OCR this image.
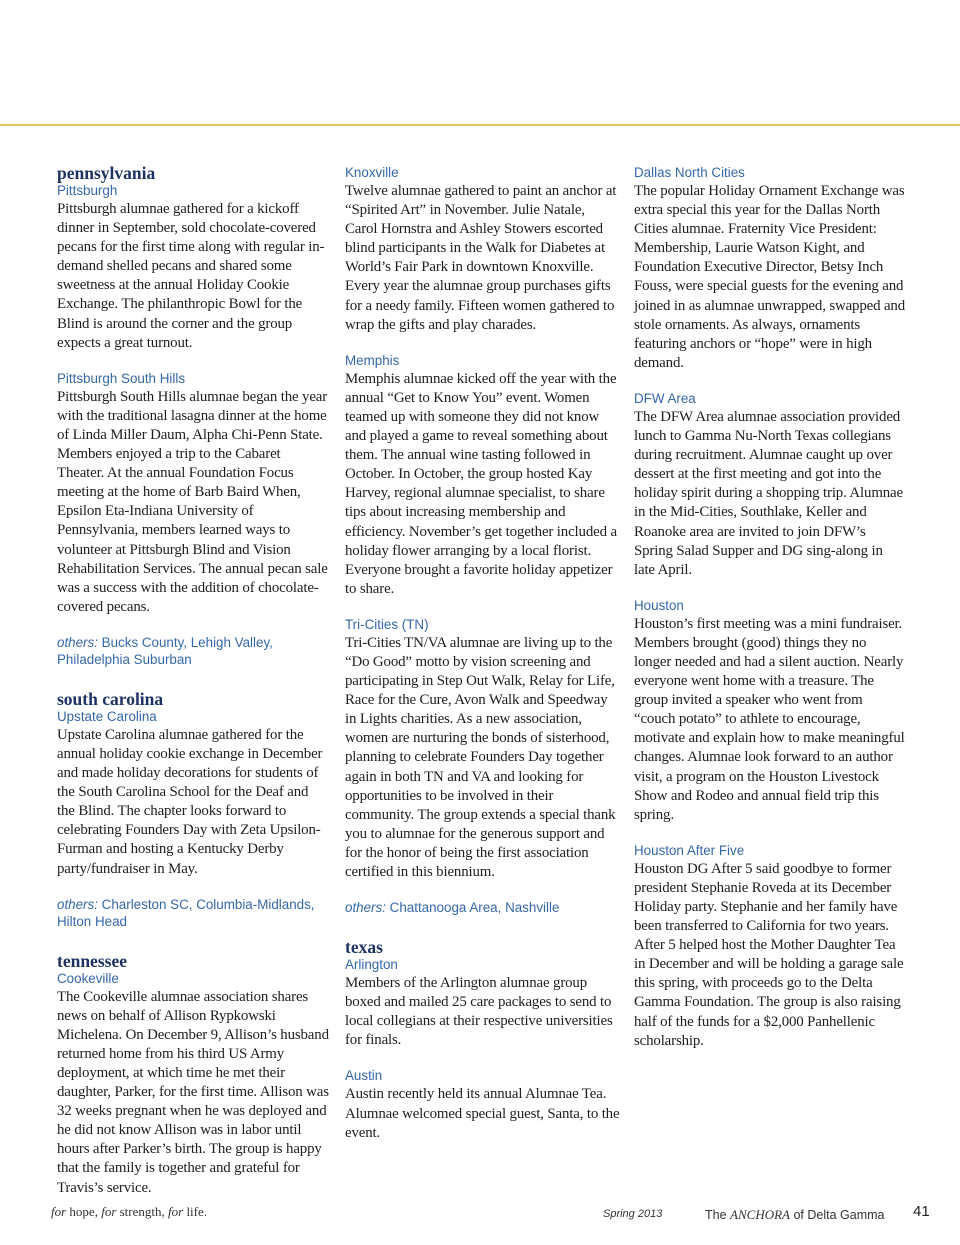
pennsylvania

Pittsburgh

Pittsburgh alumnae gathered for a kickoff dinner in September, sold chocolate-covered pecans for the first time along with regular in-demand shelled pecans and shared some sweetness at the annual Holiday Cookie Exchange. The philanthropic Bowl for the Blind is around the corner and the group expects a great turnout.

Pittsburgh South Hills

Pittsburgh South Hills alumnae began the year with the traditional lasagna dinner at the home of Linda Miller Daum, Alpha Chi-Penn State. Members enjoyed a trip to the Cabaret Theater. At the annual Foundation Focus meeting at the home of Barb Baird When, Epsilon Eta-Indiana University of Pennsylvania, members learned ways to volunteer at Pittsburgh Blind and Vision Rehabilitation Services. The annual pecan sale was a success with the addition of chocolate-covered pecans.

others: Bucks County, Lehigh Valley, Philadelphia Suburban

south carolina

Upstate Carolina

Upstate Carolina alumnae gathered for the annual holiday cookie exchange in December and made holiday decorations for students of the South Carolina School for the Deaf and the Blind. The chapter looks forward to celebrating Founders Day with Zeta Upsilon-Furman and hosting a Kentucky Derby party/fundraiser in May.

others: Charleston SC, Columbia-Midlands, Hilton Head

tennessee

Cookeville

The Cookeville alumnae association shares news on behalf of Allison Rypkowski Michelena. On December 9, Allison’s husband returned home from his third US Army deployment, at which time he met their daughter, Parker, for the first time. Allison was 32 weeks pregnant when he was deployed and he did not know Allison was in labor until hours after Parker’s birth. The group is happy that the family is together and grateful for Travis’s service.

Knoxville

Twelve alumnae gathered to paint an anchor at “Spirited Art” in November. Julie Natale, Carol Hornstra and Ashley Stowers escorted blind participants in the Walk for Diabetes at World’s Fair Park in downtown Knoxville. Every year the alumnae group purchases gifts for a needy family. Fifteen women gathered to wrap the gifts and play charades.

Memphis

Memphis alumnae kicked off the year with the annual “Get to Know You” event. Women teamed up with someone they did not know and played a game to reveal something about them. The annual wine tasting followed in October. In October, the group hosted Kay Harvey, regional alumnae specialist, to share tips about increasing membership and efficiency. November’s get together included a holiday flower arranging by a local florist. Everyone brought a favorite holiday appetizer to share.

Tri-Cities (TN)

Tri-Cities TN/VA alumnae are living up to the “Do Good” motto by vision screening and participating in Step Out Walk, Relay for Life, Race for the Cure, Avon Walk and Speedway in Lights charities. As a new association, women are nurturing the bonds of sisterhood, planning to celebrate Founders Day together again in both TN and VA and looking for opportunities to be involved in their community. The group extends a special thank you to alumnae for the generous support and for the honor of being the first association certified in this biennium.

others: Chattanooga Area, Nashville

texas

Arlington

Members of the Arlington alumnae group boxed and mailed 25 care packages to send to local collegians at their respective universities for finals.

Austin

Austin recently held its annual Alumnae Tea. Alumnae welcomed special guest, Santa, to the event.

Dallas North Cities

The popular Holiday Ornament Exchange was extra special this year for the Dallas North Cities alumnae. Fraternity Vice President: Membership, Laurie Watson Kight, and Foundation Executive Director, Betsy Inch Fouss, were special guests for the evening and joined in as alumnae unwrapped, swapped and stole ornaments. As always, ornaments featuring anchors or “hope” were in high demand.

DFW Area

The DFW Area alumnae association provided lunch to Gamma Nu-North Texas collegians during recruitment. Alumnae caught up over dessert at the first meeting and got into the holiday spirit during a shopping trip. Alumnae in the Mid-Cities, Southlake, Keller and Roanoke area are invited to join DFW’s Spring Salad Supper and DG sing-along in late April.

Houston

Houston’s first meeting was a mini fundraiser. Members brought (good) things they no longer needed and had a silent auction. Nearly everyone went home with a treasure. The group invited a speaker who went from “couch potato” to athlete to encourage, motivate and explain how to make meaningful changes. Alumnae look forward to an author visit, a program on the Houston Livestock Show and Rodeo and annual field trip this spring.

Houston After Five

Houston DG After 5 said goodbye to former president Stephanie Roveda at its December Holiday party. Stephanie and her family have been transferred to California for two years. After 5 helped host the Mother Daughter Tea in December and will be holding a garage sale this spring, with proceeds go to the Delta Gamma Foundation. The group is also raising half of the funds for a $2,000 Panhellenic scholarship.

for hope, for strength, for life.	Spring 2013	The ANCHORA of Delta Gamma 41
